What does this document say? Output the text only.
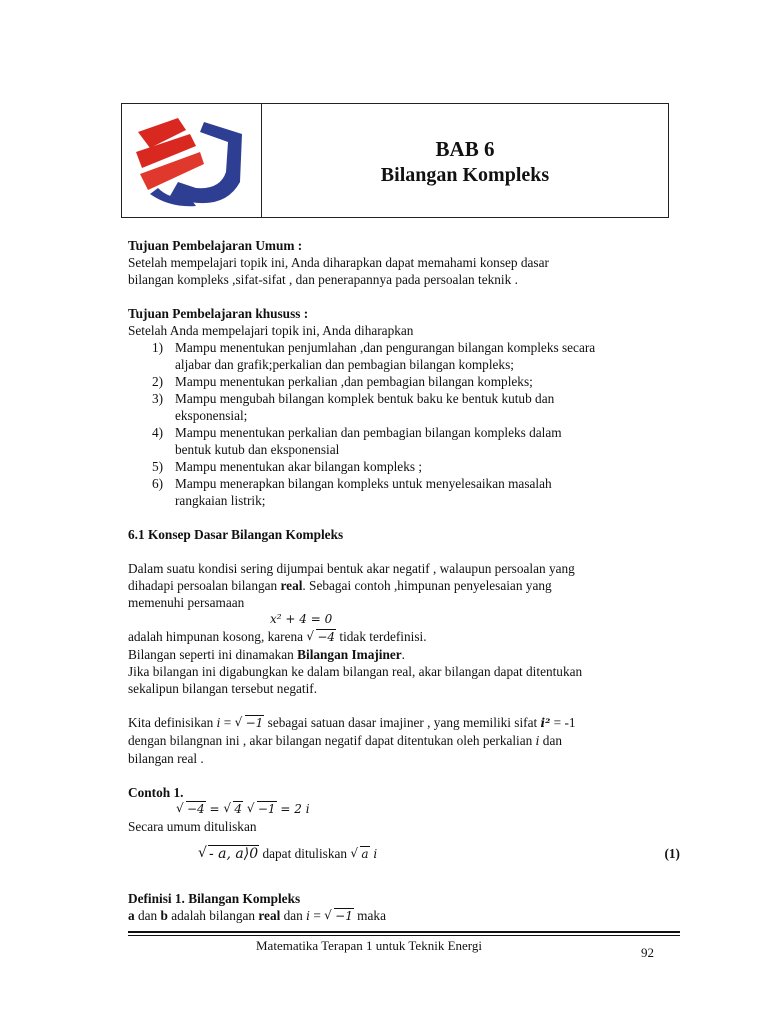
BAB 6
Bilangan Kompleks
Tujuan Pembelajaran Umum :
Setelah mempelajari topik ini, Anda diharapkan dapat memahami konsep dasar
bilangan kompleks ,sifat-sifat , dan penerapannya pada persoalan teknik .
Tujuan Pembelajaran khususs :
Setelah Anda mempelajari topik ini, Anda diharapkan
1) Mampu menentukan penjumlahan ,dan pengurangan bilangan kompleks secara
aljabar dan grafik;perkalian dan pembagian bilangan kompleks;
2) Mampu menentukan perkalian ,dan pembagian bilangan kompleks;
3) Mampu mengubah bilangan komplek bentuk baku ke bentuk kutub dan
eksponensial;
4) Mampu menentukan perkalian dan pembagian bilangan kompleks dalam
bentuk kutub dan eksponensial
5) Mampu menentukan akar bilangan kompleks ;
6) Mampu menerapkan bilangan kompleks untuk menyelesaikan masalah
rangkaian listrik;
6.1 Konsep Dasar Bilangan Kompleks
Dalam suatu kondisi sering dijumpai bentuk akar negatif , walaupun persoalan yang
dihadapi persoalan bilangan real. Sebagai contoh ,himpunan penyelesaian yang
memenuhi persamaan
x² + 4 = 0
adalah himpunan kosong, karena √ −4 tidak terdefinisi.
Bilangan seperti ini dinamakan Bilangan Imajiner.
Jika bilangan ini digabungkan ke dalam bilangan real, akar bilangan dapat ditentukan
sekalipun bilangan tersebut negatif.
Kita definisikan i = √ −1 sebagai satuan dasar imajiner , yang memiliki sifat i² = -1
dengan bilangnan ini , akar bilangan negatif dapat ditentukan oleh perkalian i dan
bilangan real .
Contoh 1.
√ −4 = √ 4 √ −1 = 2 i
Secara umum dituliskan
√ - a, a⟩0 dapat dituliskan √ a i	(1)
Definisi 1. Bilangan Kompleks
a dan b adalah bilangan real dan i = √ −1 maka
Matematika Terapan 1 untuk Teknik Energi	92
